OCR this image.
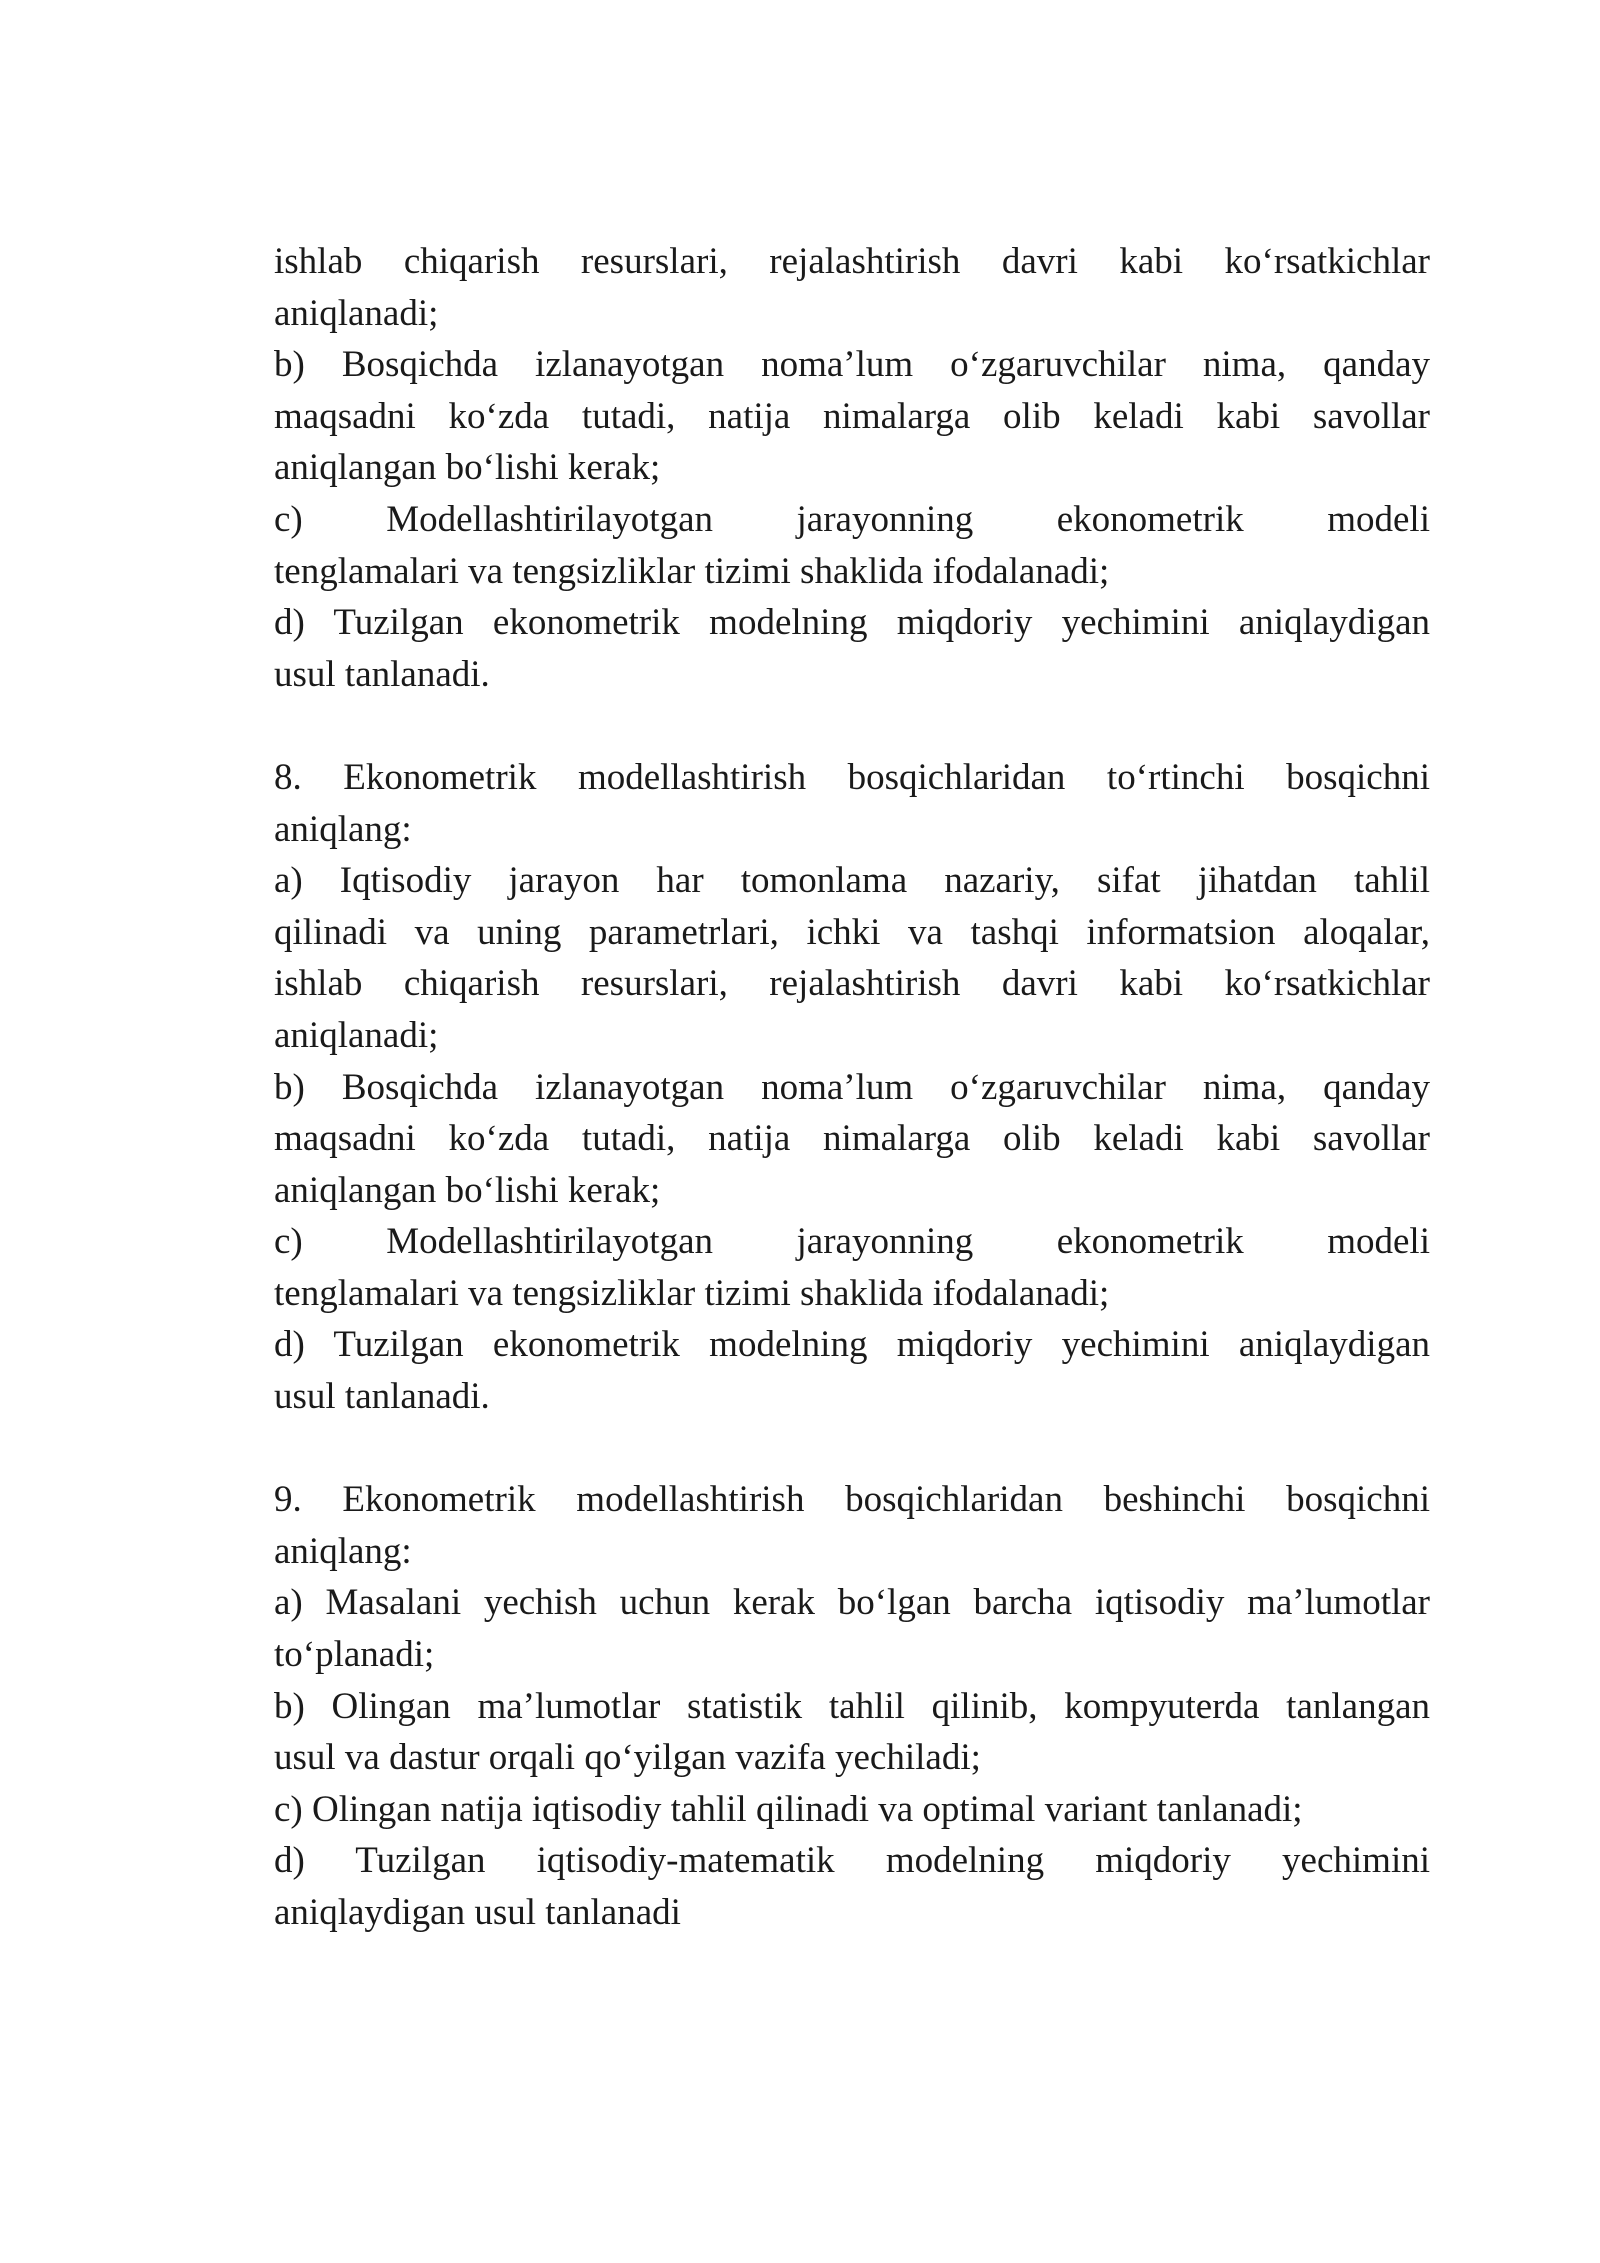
ishlab chiqarish resurslari, rejalashtirish davri kabi koʻrsatkichlar
aniqlanadi;
b) Bosqichda izlanayotgan noma’lum oʻzgaruvchilar nima, qanday
maqsadni koʻzda tutadi, natija nimalarga olib keladi kabi savollar
aniqlangan boʻlishi kerak;
c) Modellashtirilayotgan jarayonning ekonometrik modeli
tenglamalari va tengsizliklar tizimi shaklida ifodalanadi;
d) Tuzilgan ekonometrik modelning miqdoriy yechimini aniqlaydigan
usul tanlanadi.
8. Ekonometrik modellashtirish bosqichlaridan toʻrtinchi bosqichni
aniqlang:
a) Iqtisodiy jarayon har tomonlama nazariy, sifat jihatdan tahlil
qilinadi va uning parametrlari, ichki va tashqi informatsion aloqalar,
ishlab chiqarish resurslari, rejalashtirish davri kabi koʻrsatkichlar
aniqlanadi;
b) Bosqichda izlanayotgan noma’lum oʻzgaruvchilar nima, qanday
maqsadni koʻzda tutadi, natija nimalarga olib keladi kabi savollar
aniqlangan boʻlishi kerak;
c) Modellashtirilayotgan jarayonning ekonometrik modeli
tenglamalari va tengsizliklar tizimi shaklida ifodalanadi;
d) Tuzilgan ekonometrik modelning miqdoriy yechimini aniqlaydigan
usul tanlanadi.
9. Ekonometrik modellashtirish bosqichlaridan beshinchi bosqichni
aniqlang:
a) Masalani yechish uchun kerak boʻlgan barcha iqtisodiy ma’lumotlar
toʻplanadi;
b) Olingan ma’lumotlar statistik tahlil qilinib, kompyuterda tanlangan
usul va dastur orqali qoʻyilgan vazifa yechiladi;
c) Olingan natija iqtisodiy tahlil qilinadi va optimal variant tanlanadi;
d) Tuzilgan iqtisodiy-matematik modelning miqdoriy yechimini
aniqlaydigan usul tanlanadi
